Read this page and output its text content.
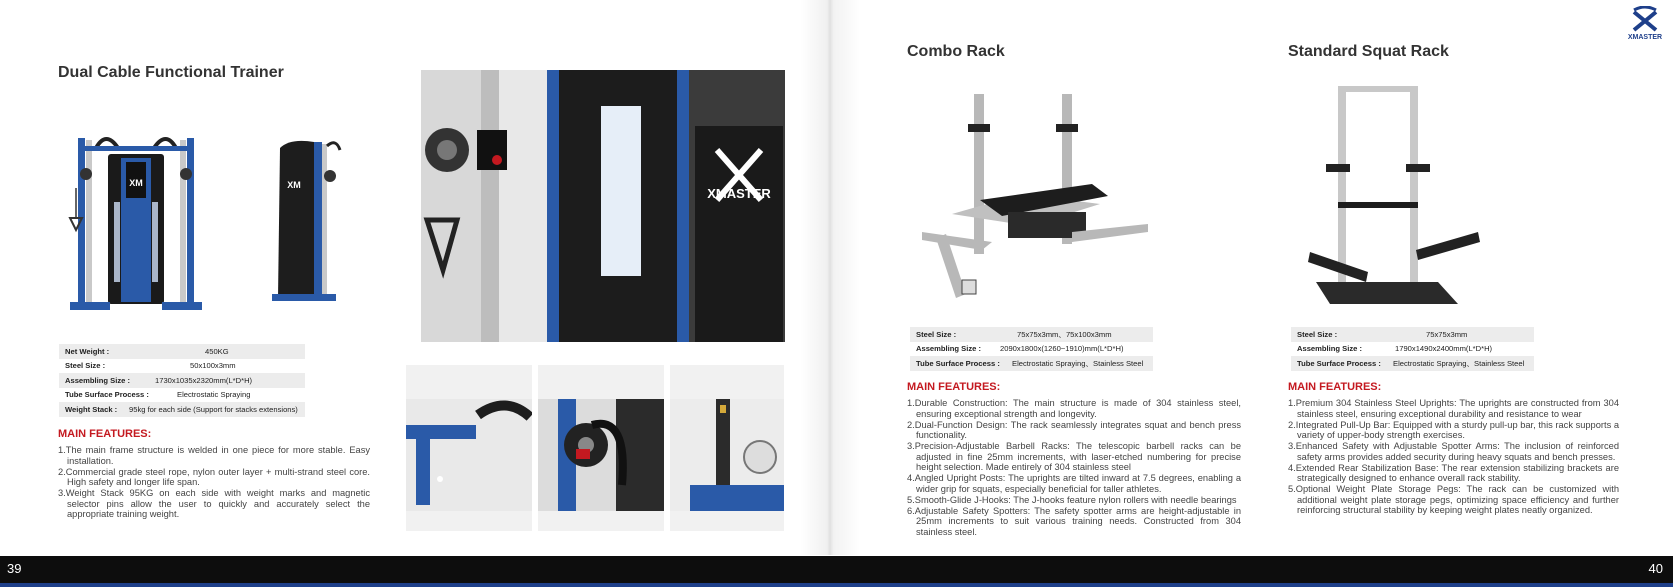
Dual Cable Functional Trainer
XM	XM
Net Weight :	450KG
Steel Size :	50x100x3mm
Assembling Size :	1730x1035x2320mm(L*D*H)
Tube Surface Process :	Electrostatic Spraying
Weight Stack :	95kg for each side (Support for stacks extensions)
MAIN FEATURES:
1.The main frame structure is welded in one piece for more stable. Easy installation.
2.Commercial grade steel rope, nylon outer layer + multi-strand steel core. High safety and longer life span.
3.Weight Stack 95KG on each side with weight marks and magnetic selector pins allow the user to quickly and accurately select the appropriate training weight.
XMASTER
XMASTER
Combo Rack	Standard Squat Rack
Steel Size :	75x75x3mm、75x100x3mm
Assembling Size :	2090x1800x(1260~1910)mm(L*D*H)
Tube Surface Process :	Electrostatic Spraying、Stainless Steel
Steel Size :	75x75x3mm
Assembling Size :	1790x1490x2400mm(L*D*H)
Tube Surface Process :	Electrostatic Spraying、Stainless Steel
MAIN FEATURES:
1.Durable Construction: The main structure is made of 304 stainless steel, ensuring exceptional strength and longevity.
2.Dual-Function Design: The rack seamlessly integrates squat and bench press functionality.
3.Precision-Adjustable Barbell Racks: The telescopic barbell racks can be adjusted in fine 25mm increments, with laser-etched numbering for precise height selection. Made entirely of 304 stainless steel
4.Angled Upright Posts: The uprights are tilted inward at 7.5 degrees, enabling a wider grip for squats, especially beneficial for taller athletes.
5.Smooth-Glide J-Hooks: The J-hooks feature nylon rollers with needle bearings
6.Adjustable Safety Spotters: The safety spotter arms are height-adjustable in 25mm increments to suit various training needs. Constructed from 304 stainless steel.
MAIN FEATURES:
1.Premium 304 Stainless Steel Uprights: The uprights are constructed from 304 stainless steel, ensuring exceptional durability and resistance to wear
2.Integrated Pull-Up Bar: Equipped with a sturdy pull-up bar, this rack supports a variety of upper-body strength exercises.
3.Enhanced Safety with Adjustable Spotter Arms: The inclusion of reinforced safety arms provides added security during heavy squats and bench presses.
4.Extended Rear Stabilization Base: The rear extension stabilizing brackets are strategically designed to enhance overall rack stability.
5.Optional Weight Plate Storage Pegs: The rack can be customized with additional weight plate storage pegs, optimizing space efficiency and further reinforcing structural stability by keeping weight plates neatly organized.
39	40
